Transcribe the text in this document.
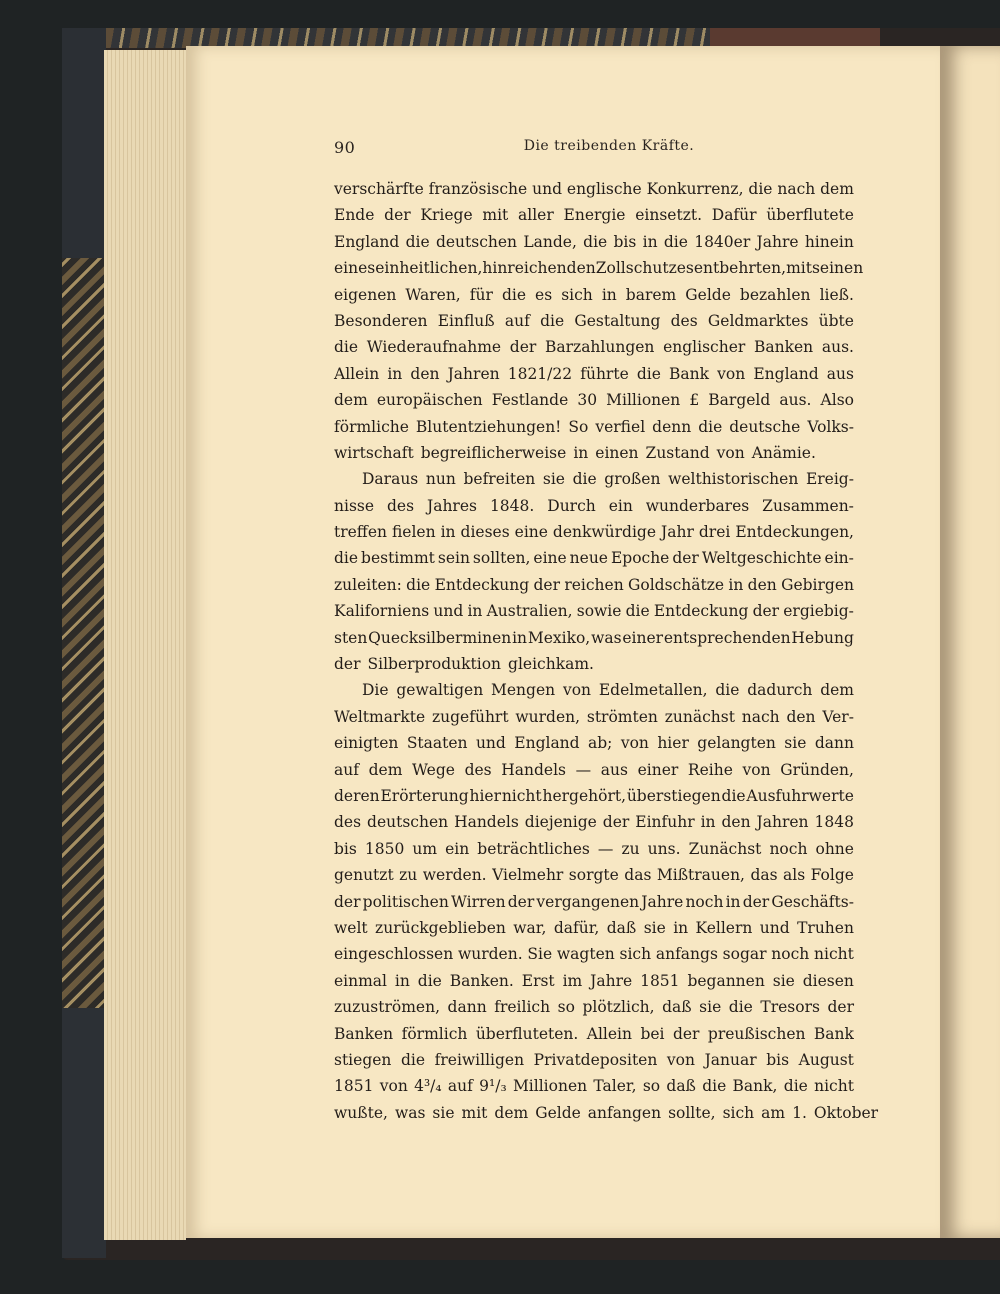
90	Die treibenden Kräfte.
verschärfte französische und englische Konkurrenz, die nach dem
Ende der Kriege mit aller Energie einsetzt. Dafür überflutete
England die deutschen Lande, die bis in die 1840er Jahre hinein
eines einheitlichen, hinreichenden Zollschutzes entbehrten, mit seinen
eigenen Waren, für die es sich in barem Gelde bezahlen ließ.
Besonderen Einfluß auf die Gestaltung des Geldmarktes übte
die Wiederaufnahme der Barzahlungen englischer Banken aus.
Allein in den Jahren 1821/22 führte die Bank von England aus
dem europäischen Festlande 30 Millionen £ Bargeld aus. Also
förmliche Blutentziehungen! So verfiel denn die deutsche Volks-
wirtschaft begreiflicherweise in einen Zustand von Anämie.
Daraus nun befreiten sie die großen welthistorischen Ereig-
nisse des Jahres 1848. Durch ein wunderbares Zusammen-
treffen fielen in dieses eine denkwürdige Jahr drei Entdeckungen,
die bestimmt sein sollten, eine neue Epoche der Weltgeschichte ein-
zuleiten: die Entdeckung der reichen Goldschätze in den Gebirgen
Kaliforniens und in Australien, sowie die Entdeckung der ergiebig-
sten Quecksilberminen in Mexiko, was einer entsprechenden Hebung
der Silberproduktion gleichkam.
Die gewaltigen Mengen von Edelmetallen, die dadurch dem
Weltmarkte zugeführt wurden, strömten zunächst nach den Ver-
einigten Staaten und England ab; von hier gelangten sie dann
auf dem Wege des Handels — aus einer Reihe von Gründen,
deren Erörterung hier nicht hergehört, überstiegen die Ausfuhrwerte
des deutschen Handels diejenige der Einfuhr in den Jahren 1848
bis 1850 um ein beträchtliches — zu uns. Zunächst noch ohne
genutzt zu werden. Vielmehr sorgte das Mißtrauen, das als Folge
der politischen Wirren der vergangenen Jahre noch in der Geschäfts-
welt zurückgeblieben war, dafür, daß sie in Kellern und Truhen
eingeschlossen wurden. Sie wagten sich anfangs sogar noch nicht
einmal in die Banken. Erst im Jahre 1851 begannen sie diesen
zuzuströmen, dann freilich so plötzlich, daß sie die Tresors der
Banken förmlich überfluteten. Allein bei der preußischen Bank
stiegen die freiwilligen Privatdepositen von Januar bis August
1851 von 4³/₄ auf 9¹/₃ Millionen Taler, so daß die Bank, die nicht
wußte, was sie mit dem Gelde anfangen sollte, sich am 1. Oktober
